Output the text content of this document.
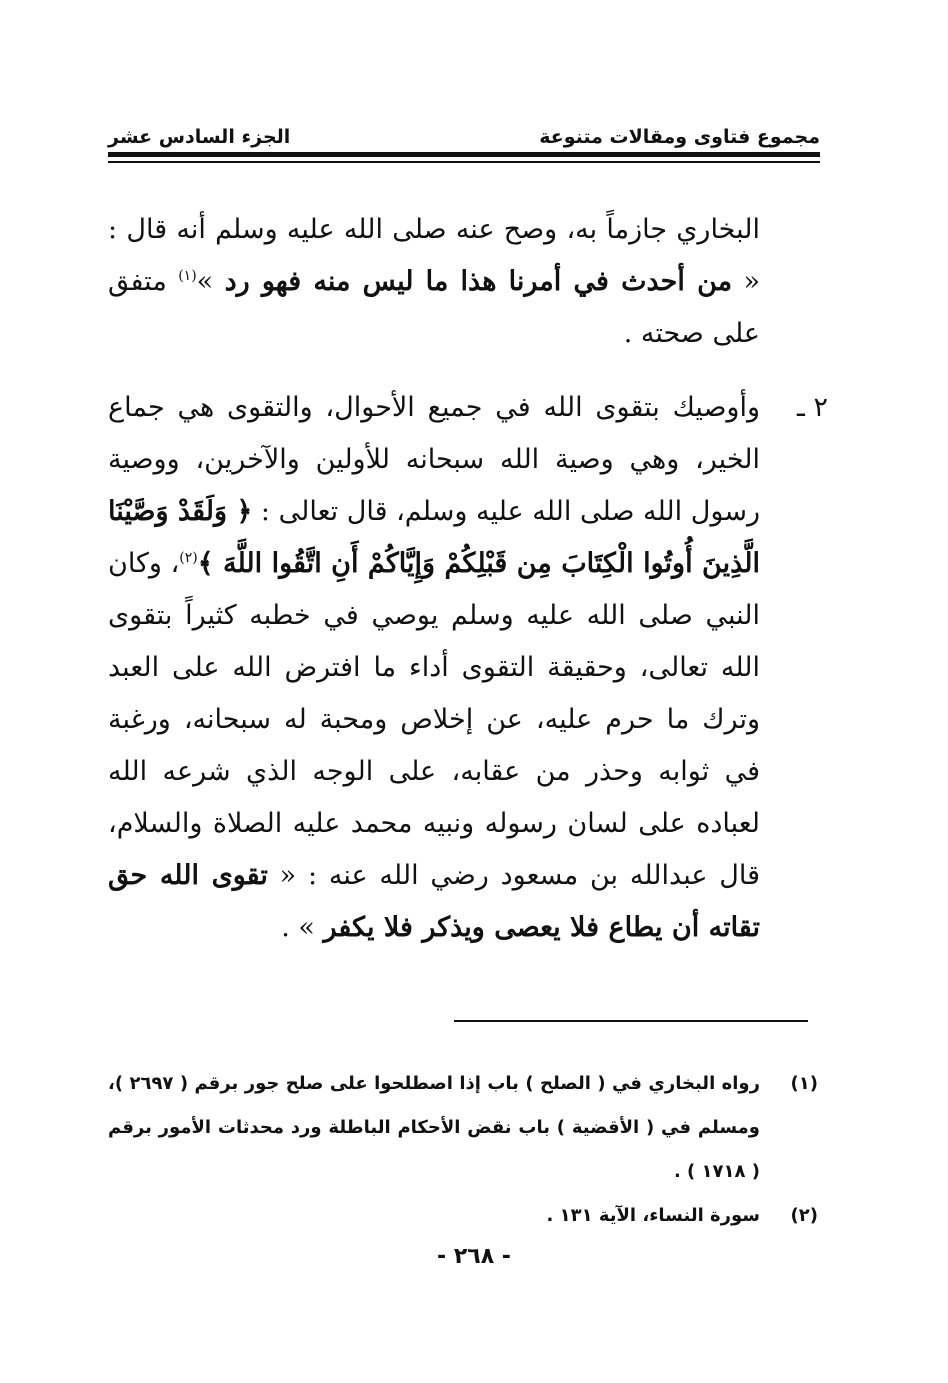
مجموع فتاوى ومقالات متنوعة
الجزء السادس عشر

البخاري جازماً به، وصح عنه صلى الله عليه وسلم أنه قال : « من أحدث في أمرنا هذا ما ليس منه فهو رد »$^{(١)}$ متفق على صحته .

٢ ـ
وأوصيك بتقوى الله في جميع الأحوال، والتقوى هي جماع الخير، وهي وصية الله سبحانه للأولين والآخرين، ووصية رسول الله صلى الله عليه وسلم، قال تعالى : ﴿ وَلَقَدْ وَصَّيْنَا الَّذِينَ أُوتُوا الْكِتَابَ مِن قَبْلِكُمْ وَإِيَّاكُمْ أَنِ اتَّقُوا اللَّهَ ﴾$^{(٢)}$، وكان النبي صلى الله عليه وسلم يوصي في خطبه كثيراً بتقوى الله تعالى، وحقيقة التقوى أداء ما افترض الله على العبد وترك ما حرم عليه، عن إخلاص ومحبة له سبحانه، ورغبة في ثوابه وحذر من عقابه، على الوجه الذي شرعه الله لعباده على لسان رسوله ونبيه محمد عليه الصلاة والسلام، قال عبدالله بن مسعود رضي الله عنه : « تقوى الله حق تقاته أن يطاع فلا يعصى ويذكر فلا يكفر » .

(١)
رواه البخاري في ( الصلح ) باب إذا اصطلحوا على صلح جور برقم ( ٢٦٩٧ )، ومسلم في ( الأقضية ) باب نقض الأحكام الباطلة ورد محدثات الأمور برقم ( ١٧١٨ ) .

(٢)
سورة النساء، الآية ١٣١ .

- ٢٦٨ -
